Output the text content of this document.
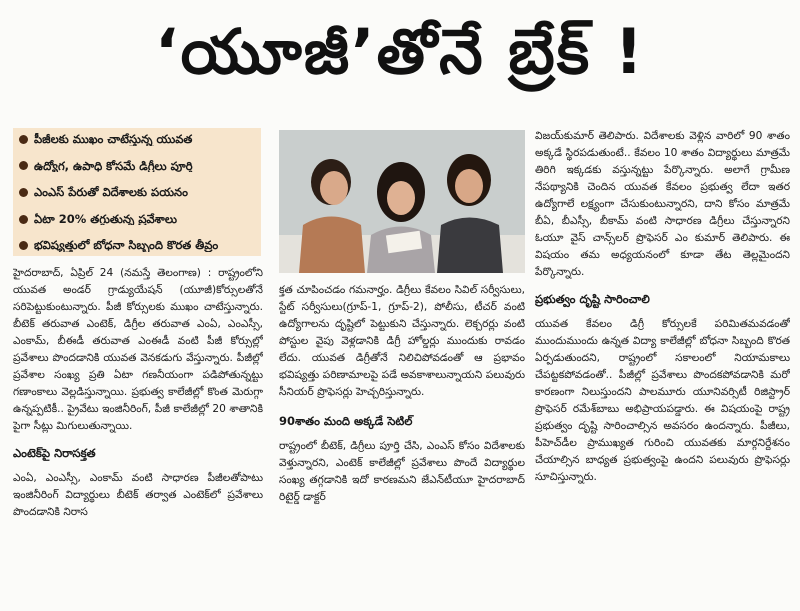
‘యూజీ’తోనే బ్రేక్ !
పీజీలకు ముఖం చాటేస్తున్న యువత
ఉద్యోగ, ఉపాధి కోసమే డిగ్రీలు పూర్తి
ఎంఎస్ పేరుతో విదేశాలకు పయనం
ఏటా 20% తగ్గుతున్న ప్రవేశాలు
భవిష్యత్తులో బోధనా సిబ్బంది కొరత తీవ్రం

హైదరాబాద్, ఏప్రిల్ 24 (నమస్తే తెలంగాణ) : రాష్ట్రంలోని యువత అండర్ గ్రాడ్యుయేషన్ (యూజీ)కోర్సులతోనే సరిపెట్టుకుంటున్నారు. పీజీ కోర్సులకు ముఖం చాటేస్తున్నారు. బీటెక్ తరువాత ఎంటెక్, డిగ్రీల తరువాత ఎంఏ, ఎంఎస్సీ, ఎంకామ్, బీఈడీ తరువాత ఎంఈడీ వంటి పీజీ కోర్సుల్లో ప్రవేశాలు పొందడానికి యువత వెనకడుగు వేస్తున్నారు. పీజీల్లో ప్రవేశాల సంఖ్య ప్రతి ఏటా గణనీయంగా పడిపోతున్నట్టు గణాంకాలు వెల్లడిస్తున్నాయి. ప్రభుత్వ కాలేజీల్లో కొంత మెరుగ్గా ఉన్నప్పటికీ.. ప్రైవేటు ఇంజినీరింగ్, పీజీ కాలేజీల్లో 20 శాతానికి పైగా సీట్లు మిగులుతున్నాయి.

ఎంటెక్‌పై నిరాసక్తత

ఎంఏ, ఎంఎస్సీ, ఎంకామ్ వంటి సాధారణ పీజీలతోపాటు ఇంజినీరింగ్ విద్యార్థులు బీటెక్ తర్వాత ఎంటెక్‌లో ప్రవేశాలు పొందడానికి నిరాస

క్తత చూపించడం గమనార్హం. డిగ్రీలు కేవలం సివిల్ సర్వీసులు, స్టేట్ సర్వీసులు(గ్రూప్-1, గ్రూప్-2), పోలీసు, టీచర్ వంటి ఉద్యోగాలను దృష్టిలో పెట్టుకుని చేస్తున్నారు. లెక్చరర్లు వంటి పోస్టుల వైపు వెళ్లడానికి డిగ్రీ హోల్డర్లు ముందుకు రావడం లేదు. యువత డిగ్రీతోనే నిలిచిపోవడంతో ఆ ప్రభావం భవిష్యత్తు పరిణామాలపై పడే అవకాశాలున్నాయని పలువురు సీనియర్ ప్రొఫెసర్లు హెచ్చరిస్తున్నారు.

90శాతం మంది అక్కడే సెటిల్

రాష్ట్రంలో బీటెక్, డిగ్రీలు పూర్తి చేసి, ఎంఎస్ కోసం విదేశాలకు వెళ్తున్నారని, ఎంటెక్ కాలేజీల్లో ప్రవేశాలు పొందే విద్యార్థుల సంఖ్య తగ్గడానికి ఇదో కారణమని జేఎన్‌టీయూ హైదరాబాద్ రిటైర్డ్ డాక్టర్

విజయ్‌కుమార్ తెలిపారు. విదేశాలకు వెళ్లిన వారిలో 90 శాతం అక్కడే స్థిరపడుతుంటే.. కేవలం 10 శాతం విద్యార్థులు మాత్రమే తిరిగి ఇక్కడకు వస్తున్నట్టు పేర్కొన్నారు. అలాగే గ్రామీణ నేపథ్యానికి చెందిన యువత కేవలం ప్రభుత్వ లేదా ఇతర ఉద్యోగాలే లక్ష్యంగా చేసుకుంటున్నారని, దాని కోసం మాత్రమే బీఏ, బీఎస్సీ, బీకామ్ వంటి సాధారణ డిగ్రీలు చేస్తున్నారని ఓయూ వైస్ చాన్స్‌లర్ ప్రొఫెసర్ ఎం కుమార్ తెలిపారు. ఈ విషయం తమ అధ్యయనంలో కూడా తేట తెల్లమైందని పేర్కొన్నారు.

ప్రభుత్వం దృష్టి సారించాలి

యువత కేవలం డిగ్రీ కోర్సులకే పరిమితమవడంతో ముందుముందు ఉన్నత విద్యా కాలేజీల్లో బోధనా సిబ్బంది కొరత ఏర్పడుతుందని, రాష్ట్రంలో సకాలంలో నియామకాలు చేపట్టకపోవడంతో.. పీజీల్లో ప్రవేశాలు పొందకపోవడానికి మరో కారణంగా నిలుస్తుందని పాలమూరు యూనివర్సిటీ రిజిస్ట్రార్ ప్రొఫెసర్ రమేశ్‌బాబు అభిప్రాయపడ్డారు. ఈ విషయంపై రాష్ట్ర ప్రభుత్వం దృష్టి సారించాల్సిన అవసరం ఉందన్నారు. పీజీలు, పీహెచ్‌డీల ప్రాముఖ్యత గురించి యువతకు మార్గనిర్దేశనం చేయాల్సిన బాధ్యత ప్రభుత్వంపై ఉందని పలువురు ప్రొఫెసర్లు సూచిస్తున్నారు.
